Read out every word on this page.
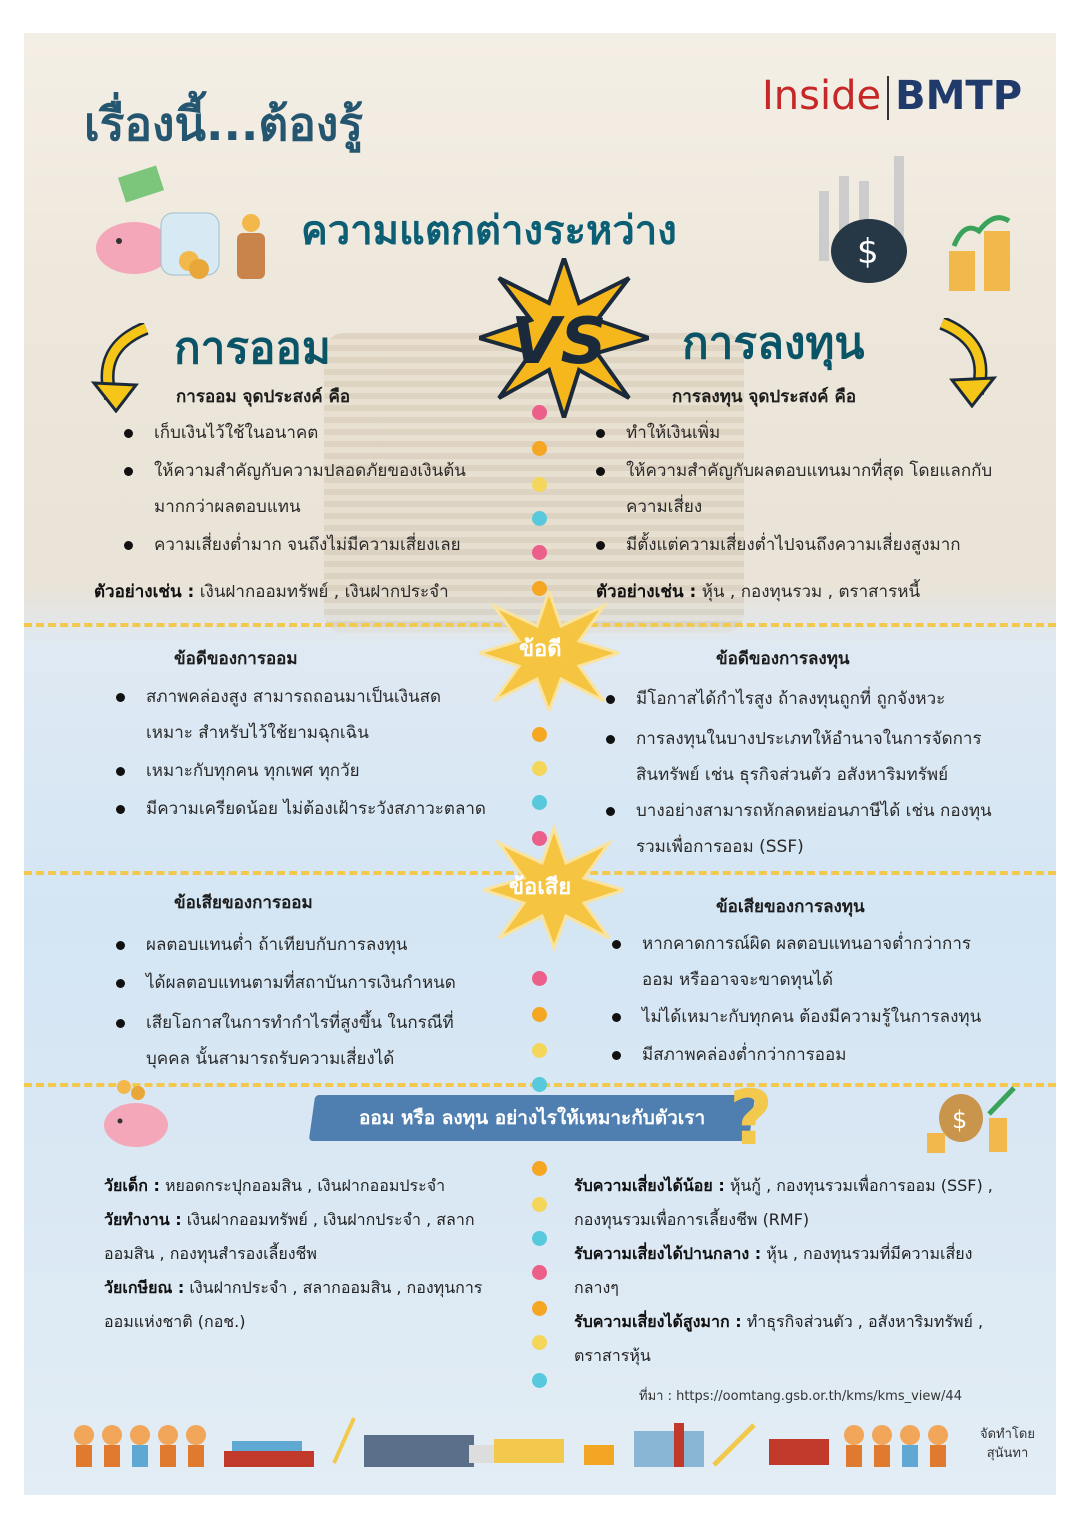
เรื่องนี้...ต้องรู้
Inside BMTP
ความแตกต่างระหว่าง	$
การออม	การลงทุน
VS
การออม จุดประสงค์ คือ
เก็บเงินไว้ใช้ในอนาคต
ให้ความสำคัญกับความปลอดภัยของเงินต้น มากกว่าผลตอบแทน
ความเสี่ยงต่ำมาก จนถึงไม่มีความเสี่ยงเลย
ตัวอย่างเช่น : เงินฝากออมทรัพย์ , เงินฝากประจำ
การลงทุน จุดประสงค์ คือ
ทำให้เงินเพิ่ม
ให้ความสำคัญกับผลตอบแทนมากที่สุด โดยแลกกับ ความเสี่ยง
มีตั้งแต่ความเสี่ยงต่ำไปจนถึงความเสี่ยงสูงมาก
ตัวอย่างเช่น : หุ้น , กองทุนรวม , ตราสารหนี้
ข้อดี
ข้อดีของการออม
สภาพคล่องสูง สามารถถอนมาเป็นเงินสด เหมาะ สำหรับไว้ใช้ยามฉุกเฉิน
เหมาะกับทุกคน ทุกเพศ ทุกวัย
มีความเครียดน้อย ไม่ต้องเฝ้าระวังสภาวะตลาด
ข้อดีของการลงทุน
มีโอกาสได้กำไรสูง ถ้าลงทุนถูกที่ ถูกจังหวะ
การลงทุนในบางประเภทให้อำนาจในการจัดการ สินทรัพย์ เช่น ธุรกิจส่วนตัว อสังหาริมทรัพย์
บางอย่างสามารถหักลดหย่อนภาษีได้ เช่น กองทุน รวมเพื่อการออม (SSF)
ข้อเสีย
ข้อเสียของการออม
ผลตอบแทนต่ำ ถ้าเทียบกับการลงทุน
ได้ผลตอบแทนตามที่สถาบันการเงินกำหนด
เสียโอกาสในการทำกำไรที่สูงขึ้น ในกรณีที่บุคคล นั้นสามารถรับความเสี่ยงได้
ข้อเสียของการลงทุน
หากคาดการณ์ผิด ผลตอบแทนอาจต่ำกว่าการ ออม หรืออาจจะขาดทุนได้
ไม่ได้เหมาะกับทุกคน ต้องมีความรู้ในการลงทุน
มีสภาพคล่องต่ำกว่าการออม
ออม หรือ ลงทุน อย่างไรให้เหมาะกับตัวเรา ?	$
วัยเด็ก : หยอดกระปุกออมสิน , เงินฝากออมประจำ
วัยทำงาน : เงินฝากออมทรัพย์ , เงินฝากประจำ , สลาก ออมสิน , กองทุนสำรองเลี้ยงชีพ
วัยเกษียณ : เงินฝากประจำ , สลากออมสิน , กองทุนการ ออมแห่งชาติ (กอช.)
รับความเสี่ยงได้น้อย : หุ้นกู้ , กองทุนรวมเพื่อการออม (SSF) , กองทุนรวมเพื่อการเลี้ยงชีพ (RMF)
รับความเสี่ยงได้ปานกลาง : หุ้น , กองทุนรวมที่มีความเสี่ยง กลางๆ
รับความเสี่ยงได้สูงมาก : ทำธุรกิจส่วนตัว , อสังหาริมทรัพย์ , ตราสารหุ้น
ที่มา : https://oomtang.gsb.or.th/kms/kms_view/44
จัดทำโดย
สุนันทา
